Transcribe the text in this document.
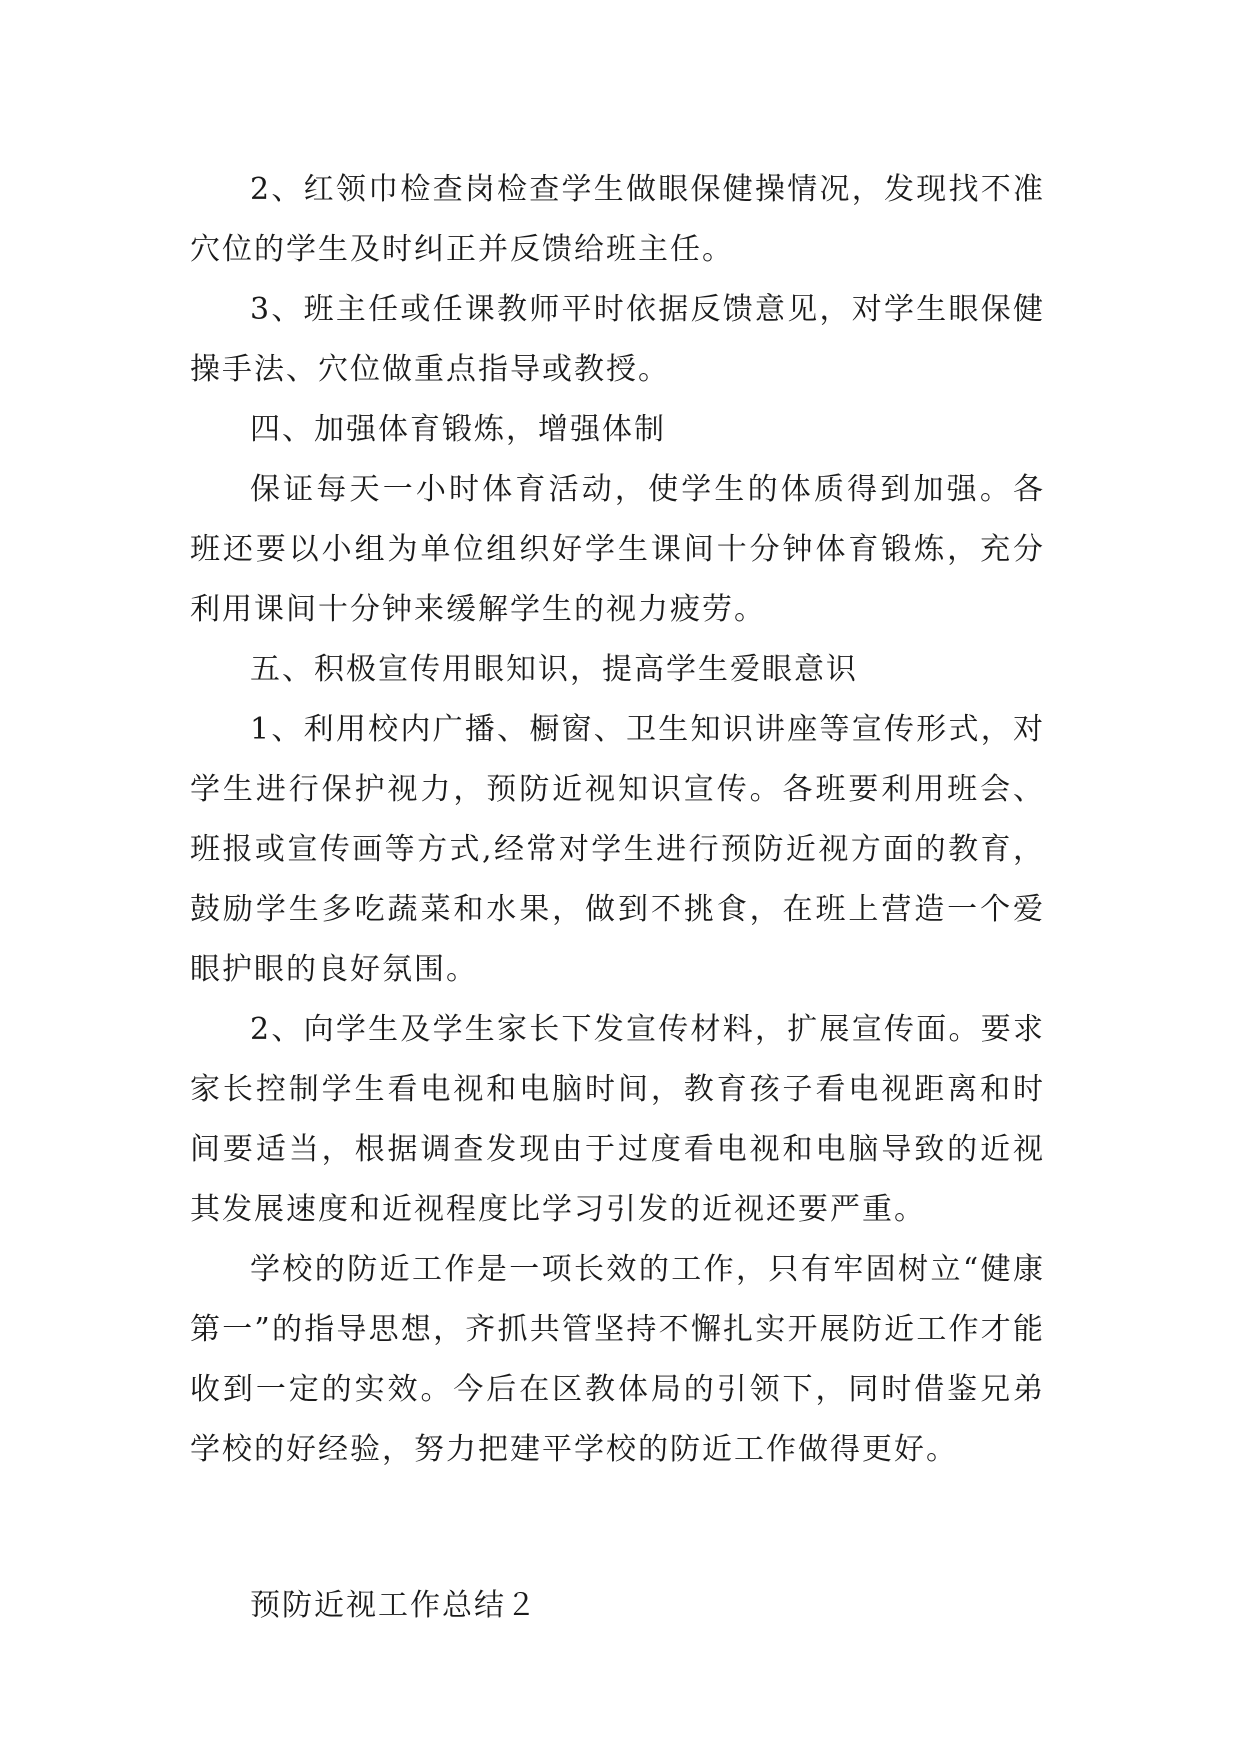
2、红领巾检查岗检查学生做眼保健操情况，发现找不准穴位的学生及时纠正并反馈给班主任。

3、班主任或任课教师平时依据反馈意见，对学生眼保健操手法、穴位做重点指导或教授。

四、加强体育锻炼，增强体制

保证每天一小时体育活动，使学生的体质得到加强。各班还要以小组为单位组织好学生课间十分钟体育锻炼，充分利用课间十分钟来缓解学生的视力疲劳。

五、积极宣传用眼知识，提高学生爱眼意识

1、利用校内广播、橱窗、卫生知识讲座等宣传形式，对学生进行保护视力，预防近视知识宣传。各班要利用班会、班报或宣传画等方式,经常对学生进行预防近视方面的教育，鼓励学生多吃蔬菜和水果，做到不挑食，在班上营造一个爱眼护眼的良好氛围。

2、向学生及学生家长下发宣传材料，扩展宣传面。要求家长控制学生看电视和电脑时间，教育孩子看电视距离和时间要适当，根据调查发现由于过度看电视和电脑导致的近视其发展速度和近视程度比学习引发的近视还要严重。

学校的防近工作是一项长效的工作，只有牢固树立“健康第一”的指导思想，齐抓共管坚持不懈扎实开展防近工作才能收到一定的实效。今后在区教体局的引领下，同时借鉴兄弟学校的好经验，努力把建平学校的防近工作做得更好。

预防近视工作总结２
